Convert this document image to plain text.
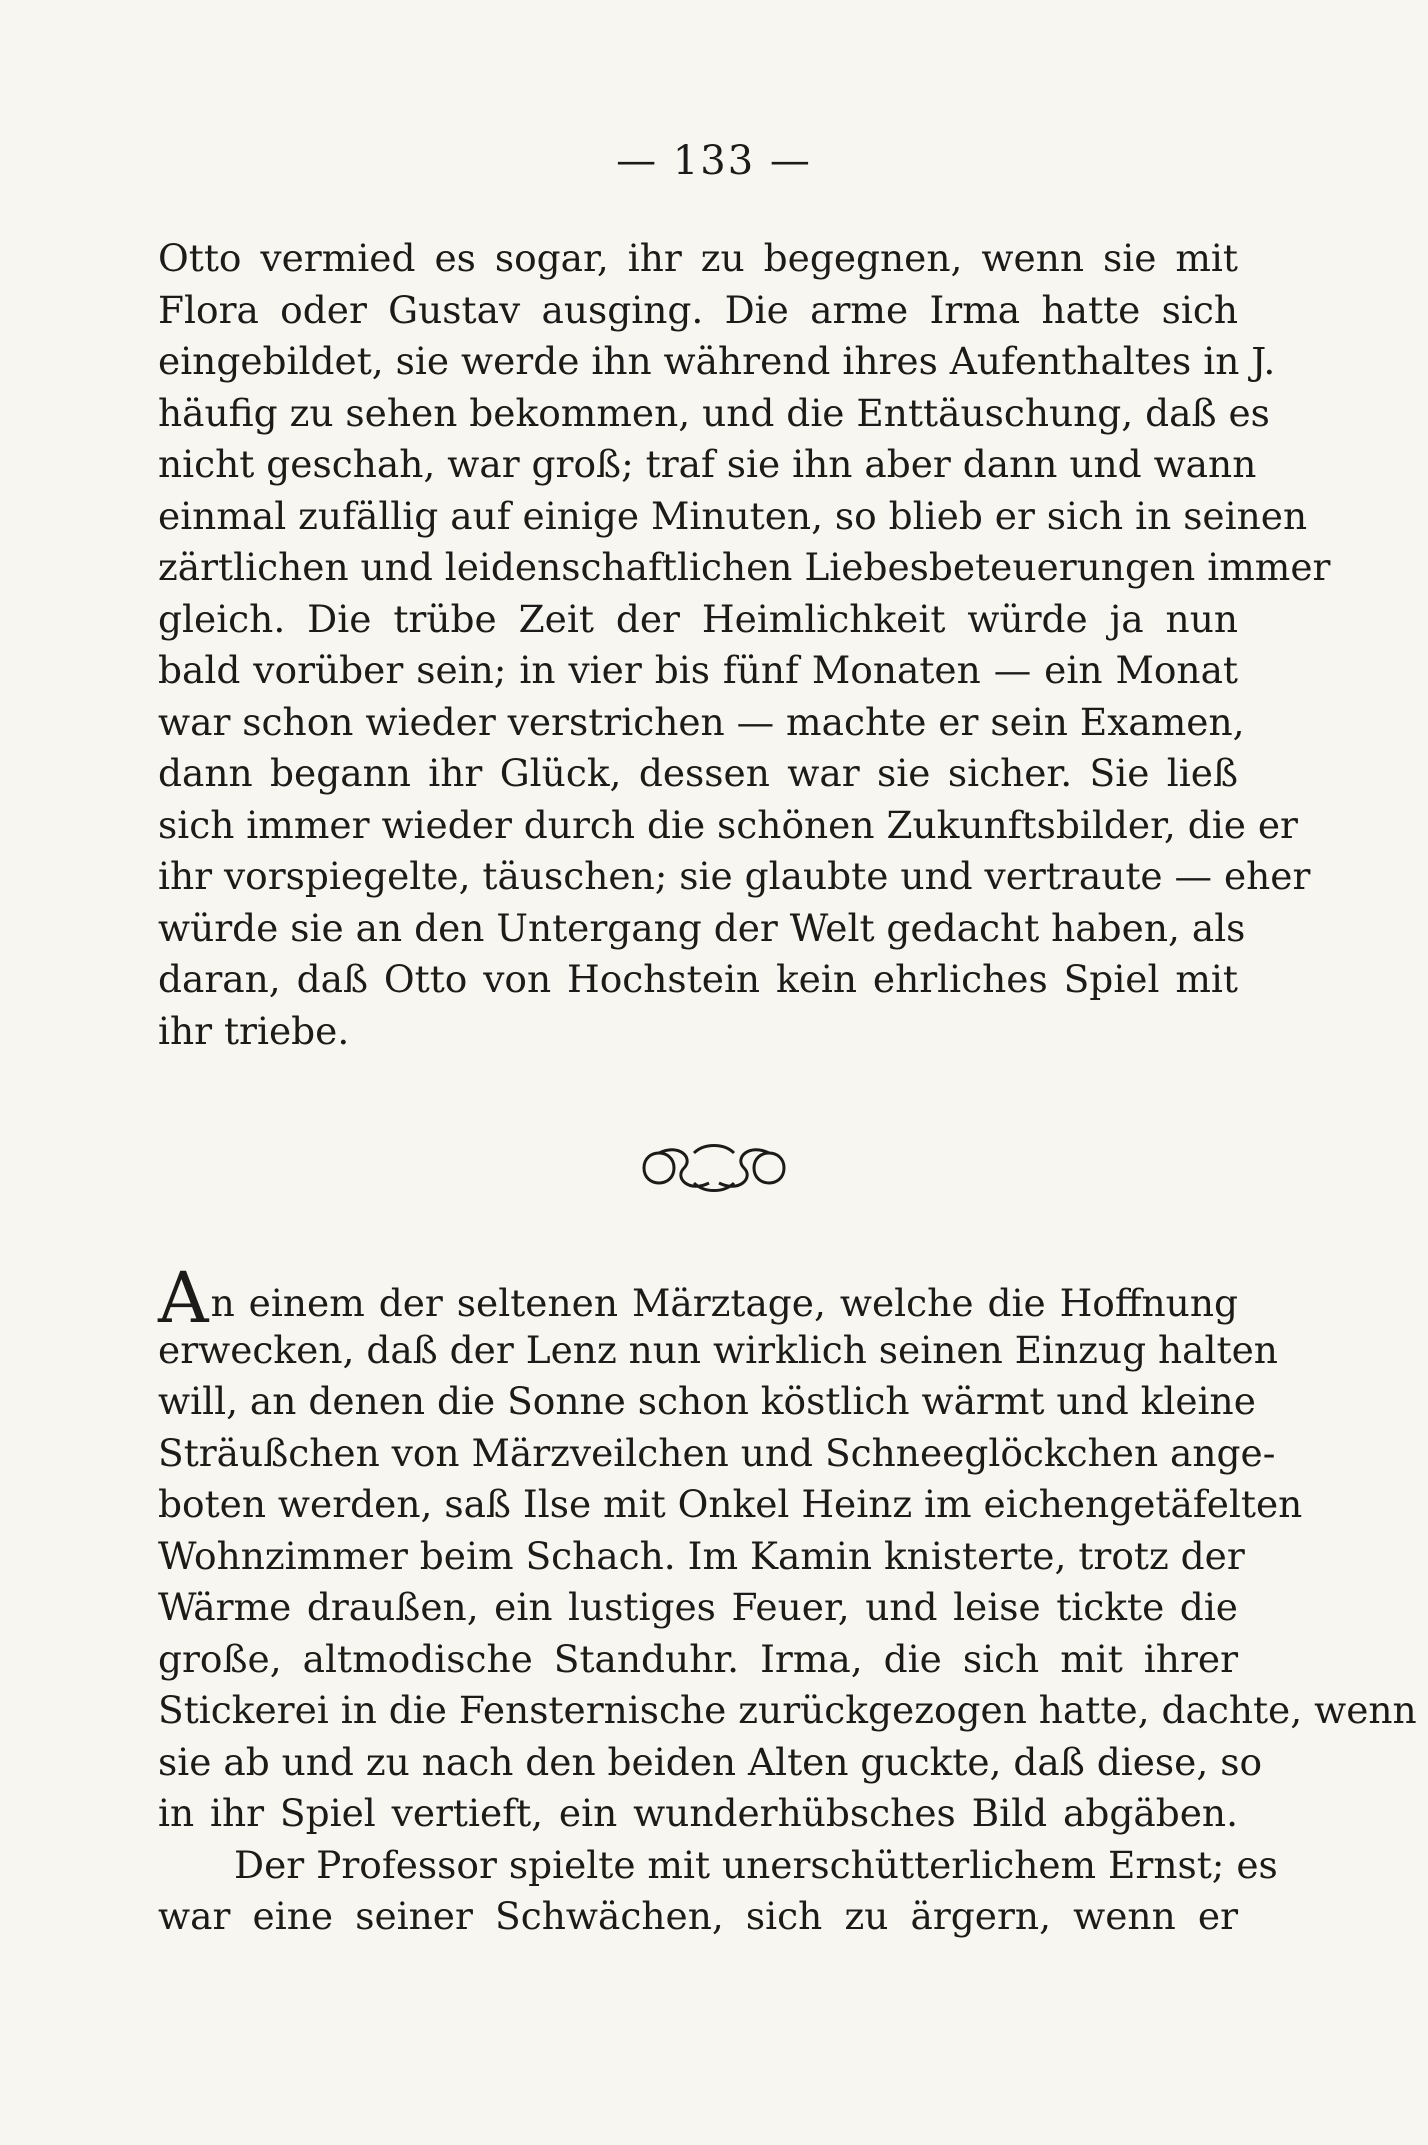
— 133 —
Otto vermied es sogar, ihr zu begegnen, wenn sie mit
Flora oder Gustav ausging. Die arme Irma hatte sich
eingebildet, sie werde ihn während ihres Aufenthaltes in J.
häufig zu sehen bekommen, und die Enttäuschung, daß es
nicht geschah, war groß; traf sie ihn aber dann und wann
einmal zufällig auf einige Minuten, so blieb er sich in seinen
zärtlichen und leidenschaftlichen Liebesbeteuerungen immer
gleich. Die trübe Zeit der Heimlichkeit würde ja nun
bald vorüber sein; in vier bis fünf Monaten — ein Monat
war schon wieder verstrichen — machte er sein Examen,
dann begann ihr Glück, dessen war sie sicher. Sie ließ
sich immer wieder durch die schönen Zukunftsbilder, die er
ihr vorspiegelte, täuschen; sie glaubte und vertraute — eher
würde sie an den Untergang der Welt gedacht haben, als
daran, daß Otto von Hochstein kein ehrliches Spiel mit
ihr triebe.
An einem der seltenen Märztage, welche die Hoffnung
erwecken, daß der Lenz nun wirklich seinen Einzug halten
will, an denen die Sonne schon köstlich wärmt und kleine
Sträußchen von Märzveilchen und Schneeglöckchen ange-
boten werden, saß Ilse mit Onkel Heinz im eichengetäfelten
Wohnzimmer beim Schach. Im Kamin knisterte, trotz der
Wärme draußen, ein lustiges Feuer, und leise tickte die
große, altmodische Standuhr. Irma, die sich mit ihrer
Stickerei in die Fensternische zurückgezogen hatte, dachte, wenn
sie ab und zu nach den beiden Alten guckte, daß diese, so
in ihr Spiel vertieft, ein wunderhübsches Bild abgäben.
Der Professor spielte mit unerschütterlichem Ernst; es
war eine seiner Schwächen, sich zu ärgern, wenn er
